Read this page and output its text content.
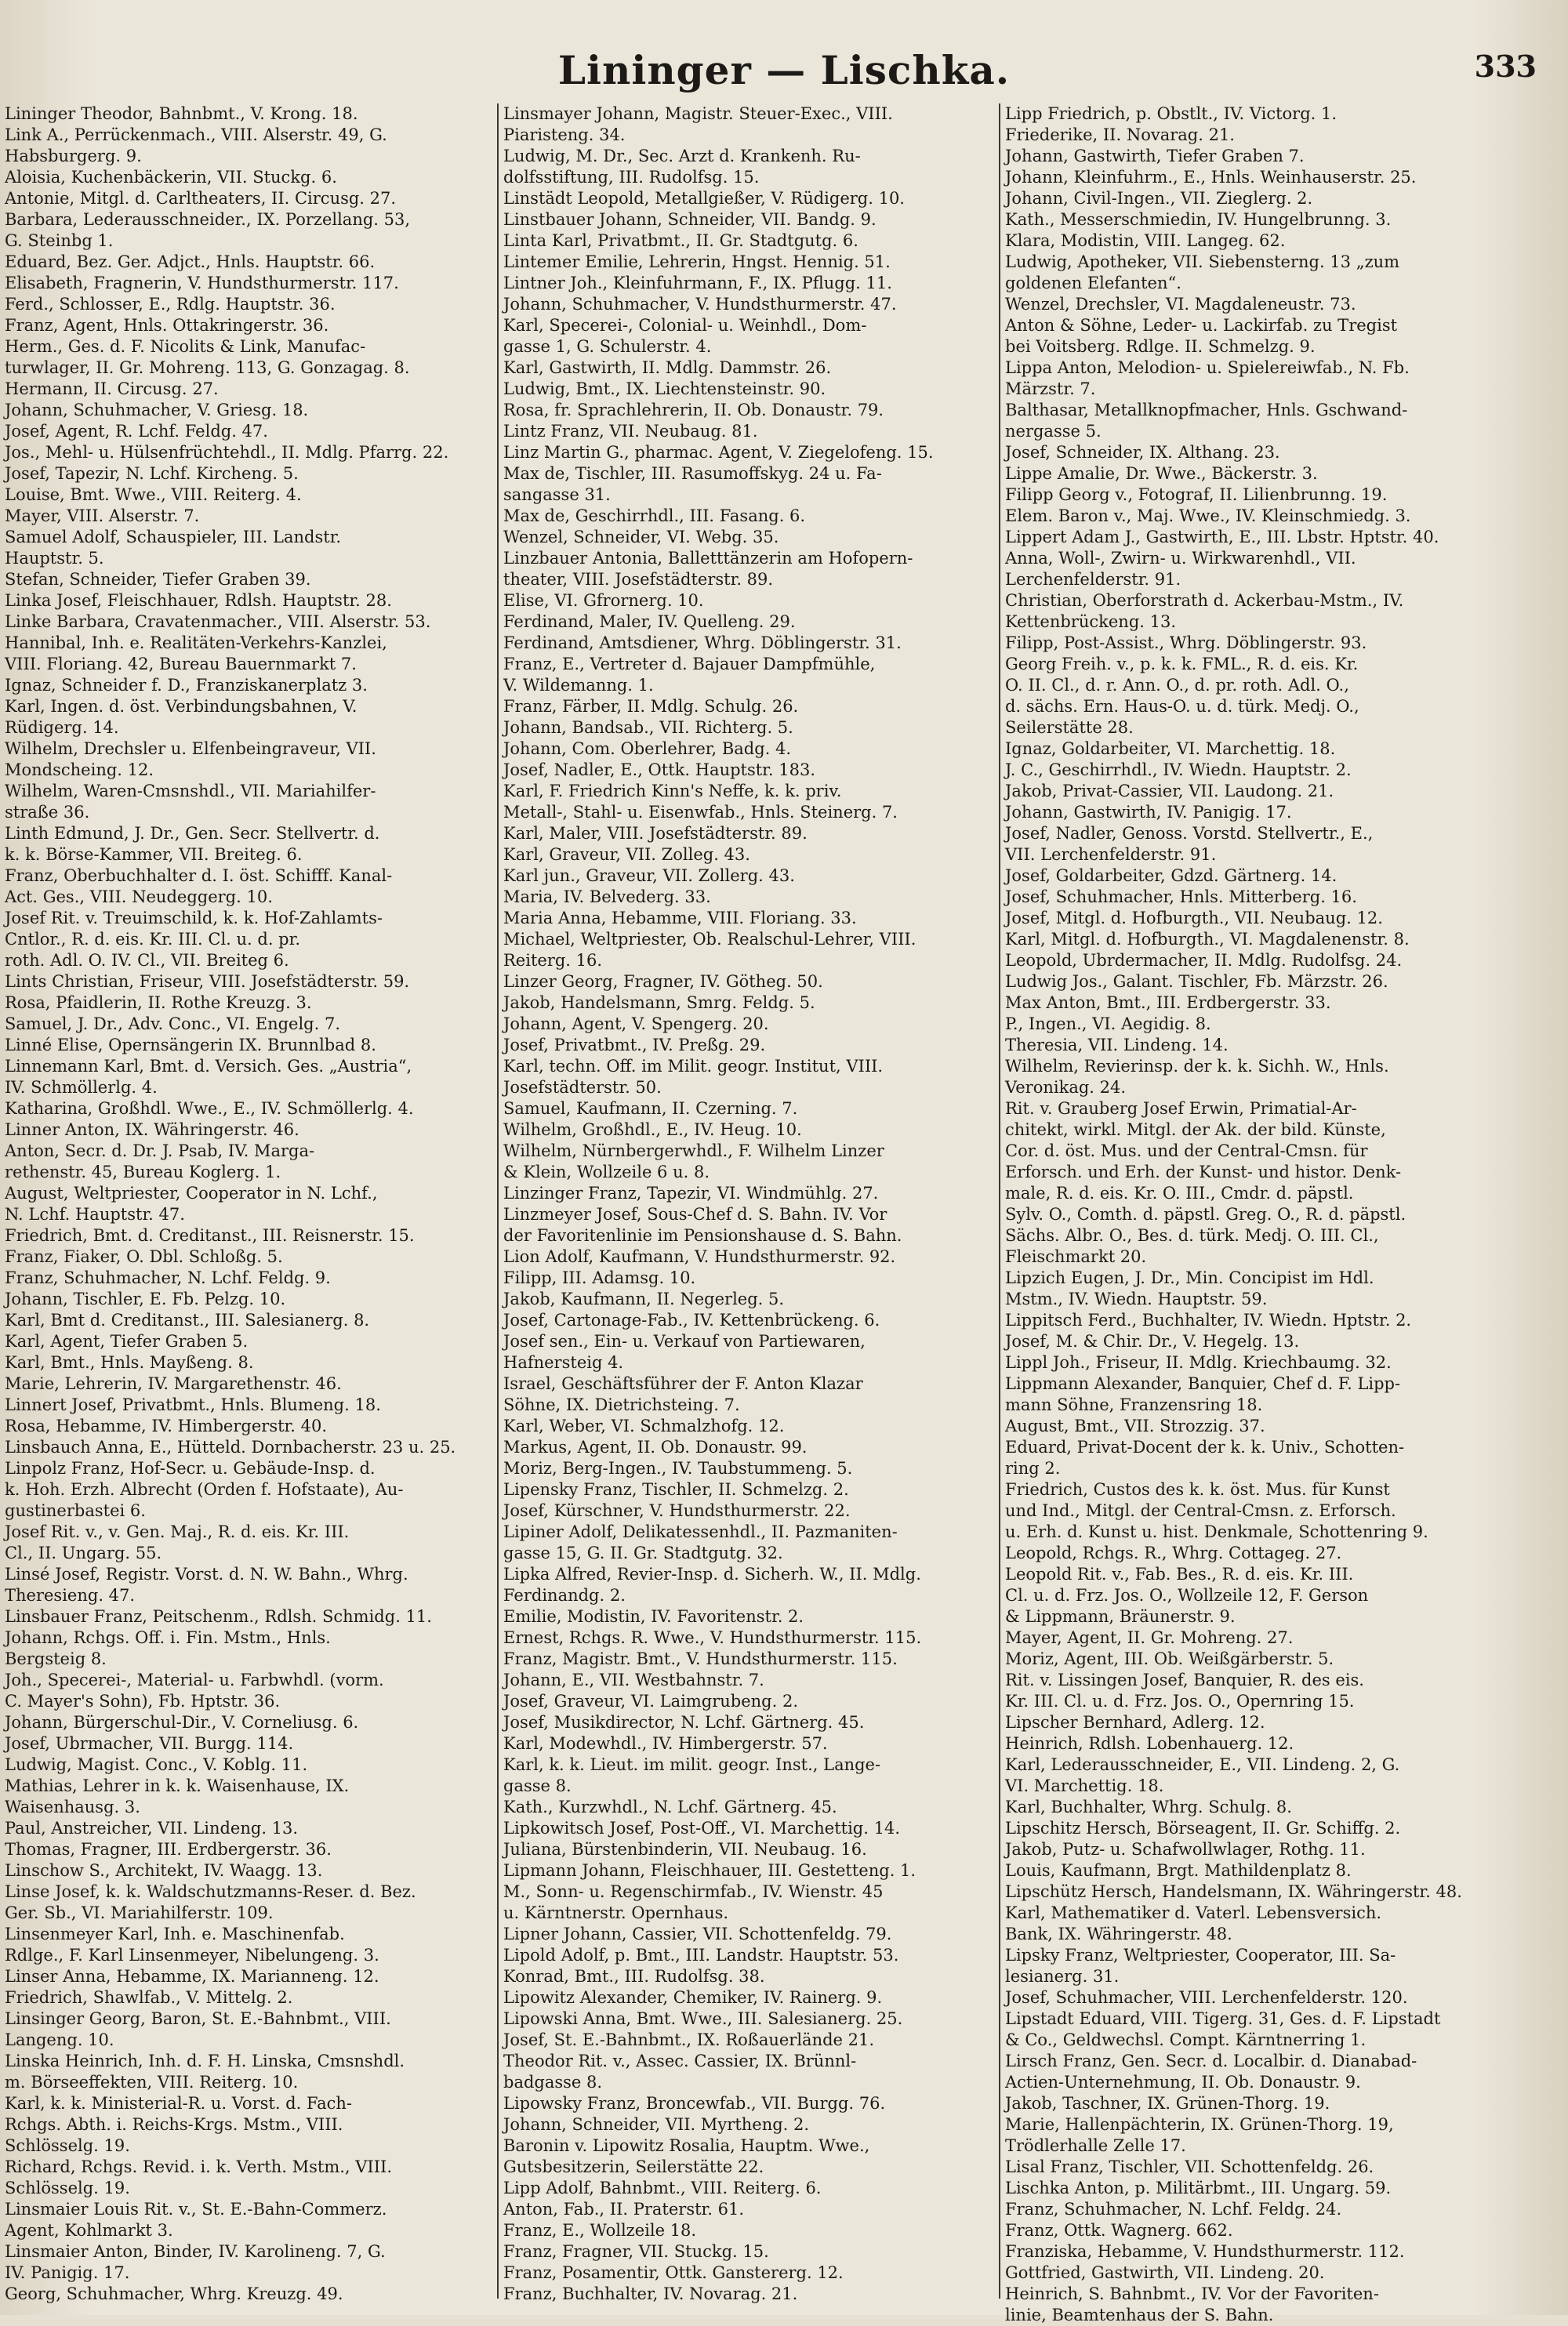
Lininger — Lischka.	333
Lininger Theodor, Bahnbmt., V. Krong. 18.
Link A., Perrückenmach., VIII. Alserstr. 49, G.
Habsburgerg. 9.
Aloisia, Kuchenbäckerin, VII. Stuckg. 6.
Antonie, Mitgl. d. Carltheaters, II. Circusg. 27.
Barbara, Lederausschneider., IX. Porzellang. 53,
G. Steinbg 1.
Eduard, Bez. Ger. Adjct., Hnls. Hauptstr. 66.
Elisabeth, Fragnerin, V. Hundsthurmerstr. 117.
Ferd., Schlosser, E., Rdlg. Hauptstr. 36.
Franz, Agent, Hnls. Ottakringerstr. 36.
Herm., Ges. d. F. Nicolits & Link, Manufac-
turwlager, II. Gr. Mohreng. 113, G. Gonzagag. 8.
Hermann, II. Circusg. 27.
Johann, Schuhmacher, V. Griesg. 18.
Josef, Agent, R. Lchf. Feldg. 47.
Jos., Mehl- u. Hülsenfrüchtehdl., II. Mdlg. Pfarrg. 22.
Josef, Tapezir, N. Lchf. Kircheng. 5.
Louise, Bmt. Wwe., VIII. Reiterg. 4.
Mayer, VIII. Alserstr. 7.
Samuel Adolf, Schauspieler, III. Landstr.
Hauptstr. 5.
Stefan, Schneider, Tiefer Graben 39.
Linka Josef, Fleischhauer, Rdlsh. Hauptstr. 28.
Linke Barbara, Cravatenmacher., VIII. Alserstr. 53.
Hannibal, Inh. e. Realitäten-Verkehrs-Kanzlei,
VIII. Floriang. 42, Bureau Bauernmarkt 7.
Ignaz, Schneider f. D., Franziskanerplatz 3.
Karl, Ingen. d. öst. Verbindungsbahnen, V.
Rüdigerg. 14.
Wilhelm, Drechsler u. Elfenbeingraveur, VII.
Mondscheing. 12.
Wilhelm, Waren-Cmsnshdl., VII. Mariahilfer-
straße 36.
Linth Edmund, J. Dr., Gen. Secr. Stellvertr. d.
k. k. Börse-Kammer, VII. Breiteg. 6.
Franz, Oberbuchhalter d. I. öst. Schifff. Kanal-
Act. Ges., VIII. Neudeggerg. 10.
Josef Rit. v. Treuimschild, k. k. Hof-Zahlamts-
Cntlor., R. d. eis. Kr. III. Cl. u. d. pr.
roth. Adl. O. IV. Cl., VII. Breiteg 6.
Lints Christian, Friseur, VIII. Josefstädterstr. 59.
Rosa, Pfaidlerin, II. Rothe Kreuzg. 3.
Samuel, J. Dr., Adv. Conc., VI. Engelg. 7.
Linné Elise, Opernsängerin IX. Brunnlbad 8.
Linnemann Karl, Bmt. d. Versich. Ges. „Austria“,
IV. Schmöllerlg. 4.
Katharina, Großhdl. Wwe., E., IV. Schmöllerlg. 4.
Linner Anton, IX. Währingerstr. 46.
Anton, Secr. d. Dr. J. Psab, IV. Marga-
rethenstr. 45, Bureau Koglerg. 1.
August, Weltpriester, Cooperator in N. Lchf.,
N. Lchf. Hauptstr. 47.
Friedrich, Bmt. d. Creditanst., III. Reisnerstr. 15.
Franz, Fiaker, O. Dbl. Schloßg. 5.
Franz, Schuhmacher, N. Lchf. Feldg. 9.
Johann, Tischler, E. Fb. Pelzg. 10.
Karl, Bmt d. Creditanst., III. Salesianerg. 8.
Karl, Agent, Tiefer Graben 5.
Karl, Bmt., Hnls. Mayßeng. 8.
Marie, Lehrerin, IV. Margarethenstr. 46.
Linnert Josef, Privatbmt., Hnls. Blumeng. 18.
Rosa, Hebamme, IV. Himbergerstr. 40.
Linsbauch Anna, E., Hütteld. Dornbacherstr. 23 u. 25.
Linpolz Franz, Hof-Secr. u. Gebäude-Insp. d.
k. Hoh. Erzh. Albrecht (Orden f. Hofstaate), Au-
gustinerbastei 6.
Josef Rit. v., v. Gen. Maj., R. d. eis. Kr. III.
Cl., II. Ungarg. 55.
Linsé Josef, Registr. Vorst. d. N. W. Bahn., Whrg.
Theresieng. 47.
Linsbauer Franz, Peitschenm., Rdlsh. Schmidg. 11.
Johann, Rchgs. Off. i. Fin. Mstm., Hnls.
Bergsteig 8.
Joh., Specerei-, Material- u. Farbwhdl. (vorm.
C. Mayer's Sohn), Fb. Hptstr. 36.
Johann, Bürgerschul-Dir., V. Corneliusg. 6.
Josef, Ubrmacher, VII. Burgg. 114.
Ludwig, Magist. Conc., V. Koblg. 11.
Mathias, Lehrer in k. k. Waisenhause, IX.
Waisenhausg. 3.
Paul, Anstreicher, VII. Lindeng. 13.
Thomas, Fragner, III. Erdbergerstr. 36.
Linschow S., Architekt, IV. Waagg. 13.
Linse Josef, k. k. Waldschutzmanns-Reser. d. Bez.
Ger. Sb., VI. Mariahilferstr. 109.
Linsenmeyer Karl, Inh. e. Maschinenfab.
Rdlge., F. Karl Linsenmeyer, Nibelungeng. 3.
Linser Anna, Hebamme, IX. Marianneng. 12.
Friedrich, Shawlfab., V. Mittelg. 2.
Linsinger Georg, Baron, St. E.-Bahnbmt., VIII.
Langeng. 10.
Linska Heinrich, Inh. d. F. H. Linska, Cmsnshdl.
m. Börseeffekten, VIII. Reiterg. 10.
Karl, k. k. Ministerial-R. u. Vorst. d. Fach-
Rchgs. Abth. i. Reichs-Krgs. Mstm., VIII.
Schlösselg. 19.
Richard, Rchgs. Revid. i. k. Verth. Mstm., VIII.
Schlösselg. 19.
Linsmaier Louis Rit. v., St. E.-Bahn-Commerz.
Agent, Kohlmarkt 3.
Linsmaier Anton, Binder, IV. Karolineng. 7, G.
IV. Panigig. 17.
Georg, Schuhmacher, Whrg. Kreuzg. 49.
Linsmayer Johann, Magistr. Steuer-Exec., VIII.
Piaristeng. 34.
Ludwig, M. Dr., Sec. Arzt d. Krankenh. Ru-
dolfsstiftung, III. Rudolfsg. 15.
Linstädt Leopold, Metallgießer, V. Rüdigerg. 10.
Linstbauer Johann, Schneider, VII. Bandg. 9.
Linta Karl, Privatbmt., II. Gr. Stadtgutg. 6.
Lintemer Emilie, Lehrerin, Hngst. Hennig. 51.
Lintner Joh., Kleinfuhrmann, F., IX. Pflugg. 11.
Johann, Schuhmacher, V. Hundsthurmerstr. 47.
Karl, Specerei-, Colonial- u. Weinhdl., Dom-
gasse 1, G. Schulerstr. 4.
Karl, Gastwirth, II. Mdlg. Dammstr. 26.
Ludwig, Bmt., IX. Liechtensteinstr. 90.
Rosa, fr. Sprachlehrerin, II. Ob. Donaustr. 79.
Lintz Franz, VII. Neubaug. 81.
Linz Martin G., pharmac. Agent, V. Ziegelofeng. 15.
Max de, Tischler, III. Rasumoffskyg. 24 u. Fa-
sangasse 31.
Max de, Geschirrhdl., III. Fasang. 6.
Wenzel, Schneider, VI. Webg. 35.
Linzbauer Antonia, Balletttänzerin am Hofopern-
theater, VIII. Josefstädterstr. 89.
Elise, VI. Gfrornerg. 10.
Ferdinand, Maler, IV. Quelleng. 29.
Ferdinand, Amtsdiener, Whrg. Döblingerstr. 31.
Franz, E., Vertreter d. Bajauer Dampfmühle,
V. Wildemanng. 1.
Franz, Färber, II. Mdlg. Schulg. 26.
Johann, Bandsab., VII. Richterg. 5.
Johann, Com. Oberlehrer, Badg. 4.
Josef, Nadler, E., Ottk. Hauptstr. 183.
Karl, F. Friedrich Kinn's Neffe, k. k. priv.
Metall-, Stahl- u. Eisenwfab., Hnls. Steinerg. 7.
Karl, Maler, VIII. Josefstädterstr. 89.
Karl, Graveur, VII. Zolleg. 43.
Karl jun., Graveur, VII. Zollerg. 43.
Maria, IV. Belvederg. 33.
Maria Anna, Hebamme, VIII. Floriang. 33.
Michael, Weltpriester, Ob. Realschul-Lehrer, VIII.
Reiterg. 16.
Linzer Georg, Fragner, IV. Götheg. 50.
Jakob, Handelsmann, Smrg. Feldg. 5.
Johann, Agent, V. Spengerg. 20.
Josef, Privatbmt., IV. Preßg. 29.
Karl, techn. Off. im Milit. geogr. Institut, VIII.
Josefstädterstr. 50.
Samuel, Kaufmann, II. Czerning. 7.
Wilhelm, Großhdl., E., IV. Heug. 10.
Wilhelm, Nürnbergerwhdl., F. Wilhelm Linzer
& Klein, Wollzeile 6 u. 8.
Linzinger Franz, Tapezir, VI. Windmühlg. 27.
Linzmeyer Josef, Sous-Chef d. S. Bahn. IV. Vor
der Favoritenlinie im Pensionshause d. S. Bahn.
Lion Adolf, Kaufmann, V. Hundsthurmerstr. 92.
Filipp, III. Adamsg. 10.
Jakob, Kaufmann, II. Negerleg. 5.
Josef, Cartonage-Fab., IV. Kettenbrückeng. 6.
Josef sen., Ein- u. Verkauf von Partiewaren,
Hafnersteig 4.
Israel, Geschäftsführer der F. Anton Klazar
Söhne, IX. Dietrichsteing. 7.
Karl, Weber, VI. Schmalzhofg. 12.
Markus, Agent, II. Ob. Donaustr. 99.
Moriz, Berg-Ingen., IV. Taubstummeng. 5.
Lipensky Franz, Tischler, II. Schmelzg. 2.
Josef, Kürschner, V. Hundsthurmerstr. 22.
Lipiner Adolf, Delikatessenhdl., II. Pazmaniten-
gasse 15, G. II. Gr. Stadtgutg. 32.
Lipka Alfred, Revier-Insp. d. Sicherh. W., II. Mdlg.
Ferdinandg. 2.
Emilie, Modistin, IV. Favoritenstr. 2.
Ernest, Rchgs. R. Wwe., V. Hundsthurmerstr. 115.
Franz, Magistr. Bmt., V. Hundsthurmerstr. 115.
Johann, E., VII. Westbahnstr. 7.
Josef, Graveur, VI. Laimgrubeng. 2.
Josef, Musikdirector, N. Lchf. Gärtnerg. 45.
Karl, Modewhdl., IV. Himbergerstr. 57.
Karl, k. k. Lieut. im milit. geogr. Inst., Lange-
gasse 8.
Kath., Kurzwhdl., N. Lchf. Gärtnerg. 45.
Lipkowitsch Josef, Post-Off., VI. Marchettig. 14.
Juliana, Bürstenbinderin, VII. Neubaug. 16.
Lipmann Johann, Fleischhauer, III. Gestetteng. 1.
M., Sonn- u. Regenschirmfab., IV. Wienstr. 45
u. Kärntnerstr. Opernhaus.
Lipner Johann, Cassier, VII. Schottenfeldg. 79.
Lipold Adolf, p. Bmt., III. Landstr. Hauptstr. 53.
Konrad, Bmt., III. Rudolfsg. 38.
Lipowitz Alexander, Chemiker, IV. Rainerg. 9.
Lipowski Anna, Bmt. Wwe., III. Salesianerg. 25.
Josef, St. E.-Bahnbmt., IX. Roßauerlände 21.
Theodor Rit. v., Assec. Cassier, IX. Brünnl-
badgasse 8.
Lipowsky Franz, Broncewfab., VII. Burgg. 76.
Johann, Schneider, VII. Myrtheng. 2.
Baronin v. Lipowitz Rosalia, Hauptm. Wwe.,
Gutsbesitzerin, Seilerstätte 22.
Lipp Adolf, Bahnbmt., VIII. Reiterg. 6.
Anton, Fab., II. Praterstr. 61.
Franz, E., Wollzeile 18.
Franz, Fragner, VII. Stuckg. 15.
Franz, Posamentir, Ottk. Ganstererg. 12.
Franz, Buchhalter, IV. Novarag. 21.
Lipp Friedrich, p. Obstlt., IV. Victorg. 1.
Friederike, II. Novarag. 21.
Johann, Gastwirth, Tiefer Graben 7.
Johann, Kleinfuhrm., E., Hnls. Weinhauserstr. 25.
Johann, Civil-Ingen., VII. Zieglerg. 2.
Kath., Messerschmiedin, IV. Hungelbrunng. 3.
Klara, Modistin, VIII. Langeg. 62.
Ludwig, Apotheker, VII. Siebensterng. 13 „zum
goldenen Elefanten“.
Wenzel, Drechsler, VI. Magdaleneustr. 73.
Anton & Söhne, Leder- u. Lackirfab. zu Tregist
bei Voitsberg. Rdlge. II. Schmelzg. 9.
Lippa Anton, Melodion- u. Spielereiwfab., N. Fb.
Märzstr. 7.
Balthasar, Metallknopfmacher, Hnls. Gschwand-
nergasse 5.
Josef, Schneider, IX. Althang. 23.
Lippe Amalie, Dr. Wwe., Bäckerstr. 3.
Filipp Georg v., Fotograf, II. Lilienbrunng. 19.
Elem. Baron v., Maj. Wwe., IV. Kleinschmiedg. 3.
Lippert Adam J., Gastwirth, E., III. Lbstr. Hptstr. 40.
Anna, Woll-, Zwirn- u. Wirkwarenhdl., VII.
Lerchenfelderstr. 91.
Christian, Oberforstrath d. Ackerbau-Mstm., IV.
Kettenbrückeng. 13.
Filipp, Post-Assist., Whrg. Döblingerstr. 93.
Georg Freih. v., p. k. k. FML., R. d. eis. Kr.
O. II. Cl., d. r. Ann. O., d. pr. roth. Adl. O.,
d. sächs. Ern. Haus-O. u. d. türk. Medj. O.,
Seilerstätte 28.
Ignaz, Goldarbeiter, VI. Marchettig. 18.
J. C., Geschirrhdl., IV. Wiedn. Hauptstr. 2.
Jakob, Privat-Cassier, VII. Laudong. 21.
Johann, Gastwirth, IV. Panigig. 17.
Josef, Nadler, Genoss. Vorstd. Stellvertr., E.,
VII. Lerchenfelderstr. 91.
Josef, Goldarbeiter, Gdzd. Gärtnerg. 14.
Josef, Schuhmacher, Hnls. Mitterberg. 16.
Josef, Mitgl. d. Hofburgth., VII. Neubaug. 12.
Karl, Mitgl. d. Hofburgth., VI. Magdalenenstr. 8.
Leopold, Ubrdermacher, II. Mdlg. Rudolfsg. 24.
Ludwig Jos., Galant. Tischler, Fb. Märzstr. 26.
Max Anton, Bmt., III. Erdbergerstr. 33.
P., Ingen., VI. Aegidig. 8.
Theresia, VII. Lindeng. 14.
Wilhelm, Revierinsp. der k. k. Sichh. W., Hnls.
Veronikag. 24.
Rit. v. Grauberg Josef Erwin, Primatial-Ar-
chitekt, wirkl. Mitgl. der Ak. der bild. Künste,
Cor. d. öst. Mus. und der Central-Cmsn. für
Erforsch. und Erh. der Kunst- und histor. Denk-
male, R. d. eis. Kr. O. III., Cmdr. d. päpstl.
Sylv. O., Comth. d. päpstl. Greg. O., R. d. päpstl.
Sächs. Albr. O., Bes. d. türk. Medj. O. III. Cl.,
Fleischmarkt 20.
Lipzich Eugen, J. Dr., Min. Concipist im Hdl.
Mstm., IV. Wiedn. Hauptstr. 59.
Lippitsch Ferd., Buchhalter, IV. Wiedn. Hptstr. 2.
Josef, M. & Chir. Dr., V. Hegelg. 13.
Lippl Joh., Friseur, II. Mdlg. Kriechbaumg. 32.
Lippmann Alexander, Banquier, Chef d. F. Lipp-
mann Söhne, Franzensring 18.
August, Bmt., VII. Strozzig. 37.
Eduard, Privat-Docent der k. k. Univ., Schotten-
ring 2.
Friedrich, Custos des k. k. öst. Mus. für Kunst
und Ind., Mitgl. der Central-Cmsn. z. Erforsch.
u. Erh. d. Kunst u. hist. Denkmale, Schottenring 9.
Leopold, Rchgs. R., Whrg. Cottageg. 27.
Leopold Rit. v., Fab. Bes., R. d. eis. Kr. III.
Cl. u. d. Frz. Jos. O., Wollzeile 12, F. Gerson
& Lippmann, Bräunerstr. 9.
Mayer, Agent, II. Gr. Mohreng. 27.
Moriz, Agent, III. Ob. Weißgärberstr. 5.
Rit. v. Lissingen Josef, Banquier, R. des eis.
Kr. III. Cl. u. d. Frz. Jos. O., Opernring 15.
Lipscher Bernhard, Adlerg. 12.
Heinrich, Rdlsh. Lobenhauerg. 12.
Karl, Lederausschneider, E., VII. Lindeng. 2, G.
VI. Marchettig. 18.
Karl, Buchhalter, Whrg. Schulg. 8.
Lipschitz Hersch, Börseagent, II. Gr. Schiffg. 2.
Jakob, Putz- u. Schafwollwlager, Rothg. 11.
Louis, Kaufmann, Brgt. Mathildenplatz 8.
Lipschütz Hersch, Handelsmann, IX. Währingerstr. 48.
Karl, Mathematiker d. Vaterl. Lebensversich.
Bank, IX. Währingerstr. 48.
Lipsky Franz, Weltpriester, Cooperator, III. Sa-
lesianerg. 31.
Josef, Schuhmacher, VIII. Lerchenfelderstr. 120.
Lipstadt Eduard, VIII. Tigerg. 31, Ges. d. F. Lipstadt
& Co., Geldwechsl. Compt. Kärntnerring 1.
Lirsch Franz, Gen. Secr. d. Localbir. d. Dianabad-
Actien-Unternehmung, II. Ob. Donaustr. 9.
Jakob, Taschner, IX. Grünen-Thorg. 19.
Marie, Hallenpächterin, IX. Grünen-Thorg. 19,
Trödlerhalle Zelle 17.
Lisal Franz, Tischler, VII. Schottenfeldg. 26.
Lischka Anton, p. Militärbmt., III. Ungarg. 59.
Franz, Schuhmacher, N. Lchf. Feldg. 24.
Franz, Ottk. Wagnerg. 662.
Franziska, Hebamme, V. Hundsthurmerstr. 112.
Gottfried, Gastwirth, VII. Lindeng. 20.
Heinrich, S. Bahnbmt., IV. Vor der Favoriten-
linie, Beamtenhaus der S. Bahn.
